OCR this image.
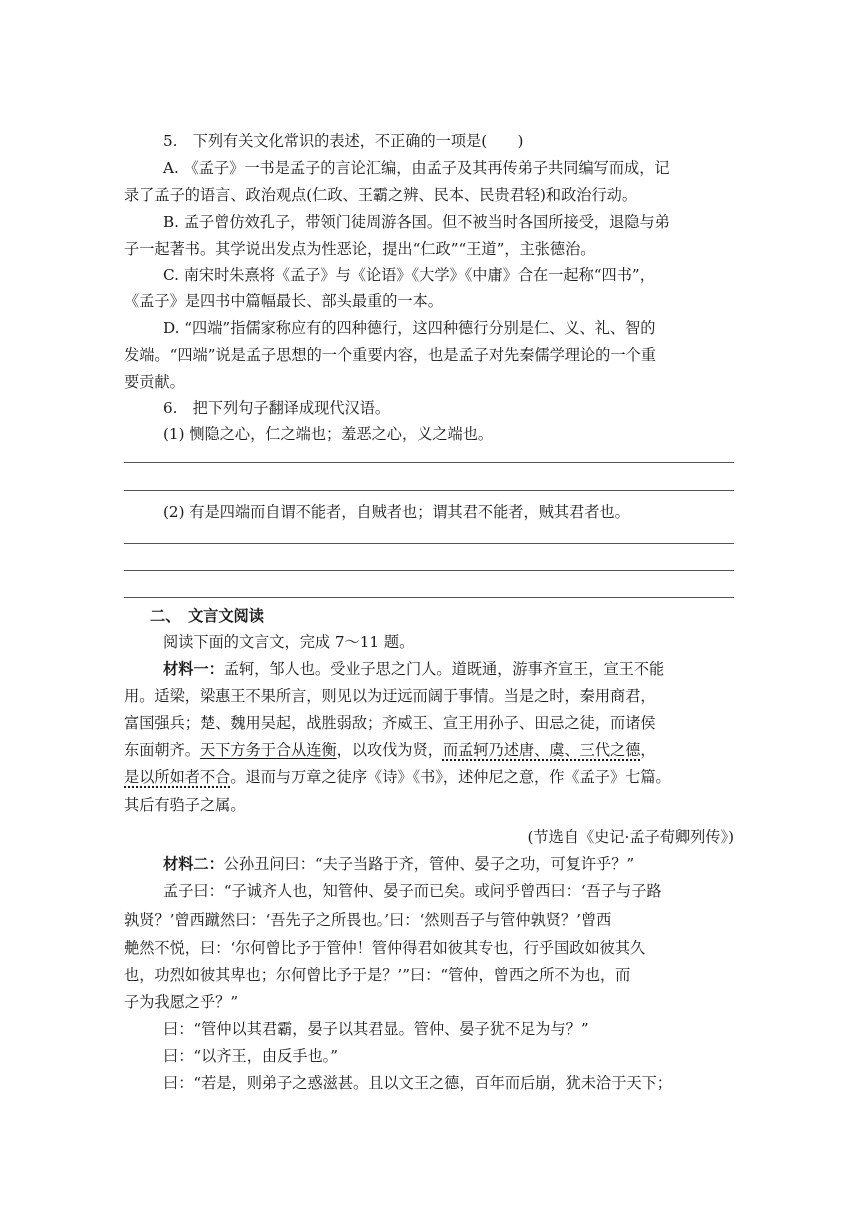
5.　下列有关文化常识的表述，不正确的一项是(　　)
A. 《孟子》一书是孟子的言论汇编，由孟子及其再传弟子共同编写而成，记
录了孟子的语言、政治观点(仁政、王霸之辨、民本、民贵君轻)和政治行动。
B. 孟子曾仿效孔子，带领门徒周游各国。但不被当时各国所接受，退隐与弟
子一起著书。其学说出发点为性恶论，提出“仁政”“王道”，主张德治。
C. 南宋时朱熹将《孟子》与《论语》《大学》《中庸》合在一起称“四书”，
《孟子》是四书中篇幅最长、部头最重的一本。
D. “四端”指儒家称应有的四种德行，这四种德行分别是仁、义、礼、智的
发端。“四端”说是孟子思想的一个重要内容，也是孟子对先秦儒学理论的一个重
要贡献。
6.　把下列句子翻译成现代汉语。
(1) 恻隐之心，仁之端也；羞恶之心，义之端也。
(2) 有是四端而自谓不能者，自贼者也；谓其君不能者，贼其君者也。
二、　文言文阅读
阅读下面的文言文，完成 7～11 题。
材料一：孟轲，邹人也。受业子思之门人。道既通，游事齐宣王，宣王不能
用。适梁，梁惠王不果所言，则见以为迂远而阔于事情。当是之时，秦用商君，
富国强兵；楚、魏用吴起，战胜弱敌；齐威王、宣王用孙子、田忌之徒，而诸侯
东面朝齐。天下方务于合从连衡，以攻伐为贤，而孟轲乃述唐、虞、三代之德，
是以所如者不合。退而与万章之徒序《诗》《书》，述仲尼之意，作《孟子》七篇。
其后有驺子之属。
(节选自《史记·孟子荀卿列传》)
材料二：公孙丑问曰：“夫子当路于齐，管仲、晏子之功，可复许乎？”
孟子曰：“子诚齐人也，知管仲、晏子而已矣。或问乎曾西曰：‘吾子与子路
孰贤？’曾西蹴然曰：‘吾先子之所畏也。’曰：‘然则吾子与管仲孰贤？’曾西
艴然不悦，曰：‘尔何曾比予于管仲！管仲得君如彼其专也，行乎国政如彼其久
也，功烈如彼其卑也；尔何曾比予于是？’”曰：“管仲，曾西之所不为也，而
子为我愿之乎？”
曰：“管仲以其君霸，晏子以其君显。管仲、晏子犹不足为与？”
曰：“以齐王，由反手也。”
曰：“若是，则弟子之惑滋甚。且以文王之德，百年而后崩，犹未洽于天下；
